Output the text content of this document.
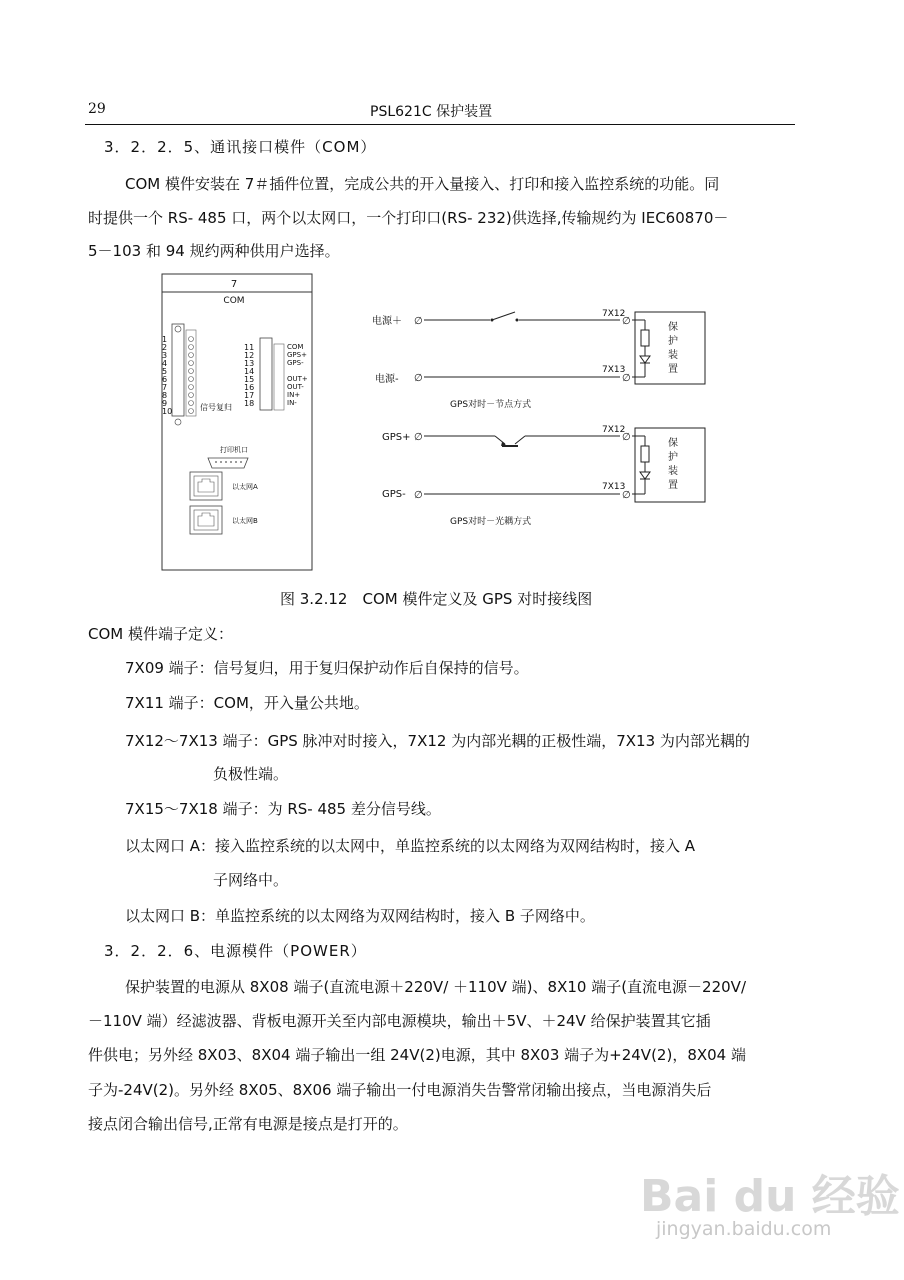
29	PSL621C 保护装置
3．2．2．5、通讯接口模件（COM）
COM 模件安装在 7＃插件位置，完成公共的开入量接入、打印和接入监控系统的功能。同
时提供一个 RS- 485 口，两个以太网口，一个打印口(RS- 232)供选择,传输规约为 IEC60870－
5－103 和 94 规约两种供用户选择。
7
COM
1
2
3
4
5
6
7
8
9
10	信号复归
11
12
13
14
15
16
17
18
COM
GPS+
GPS-
OUT+
OUT-
IN+
IN-
打印机口
以太网A
以太网B
电源＋
电源-
∅
∅
7X12
7X13
∅
∅
保
护
装
置
GPS对时－节点方式
GPS+
GPS-
∅
∅
7X12
7X13
∅
∅
保
护
装
置
GPS对时－光耦方式
图 3.2.12　COM 模件定义及 GPS 对时接线图
COM 模件端子定义：
7X09 端子：信号复归，用于复归保护动作后自保持的信号。
7X11 端子：COM，开入量公共地。
7X12～7X13 端子：GPS 脉冲对时接入，7X12 为内部光耦的正极性端，7X13 为内部光耦的
负极性端。
7X15～7X18 端子：为 RS- 485 差分信号线。
以太网口 A：接入监控系统的以太网中，单监控系统的以太网络为双网结构时，接入 A
子网络中。
以太网口 B：单监控系统的以太网络为双网结构时，接入 B 子网络中。
3．2．2．6、电源模件（POWER）
保护装置的电源从 8X08 端子(直流电源＋220V/ ＋110V 端)、8X10 端子(直流电源－220V/
－110V 端）经滤波器、背板电源开关至内部电源模块，输出＋5V、＋24V 给保护装置其它插
件供电；另外经 8X03、8X04 端子输出一组 24V(2)电源，其中 8X03 端子为+24V(2)，8X04 端
子为-24V(2)。另外经 8X05、8X06 端子输出一付电源消失告警常闭输出接点，当电源消失后
接点闭合输出信号,正常有电源是接点是打开的。
Bai du 经验
jingyan.baidu.com
